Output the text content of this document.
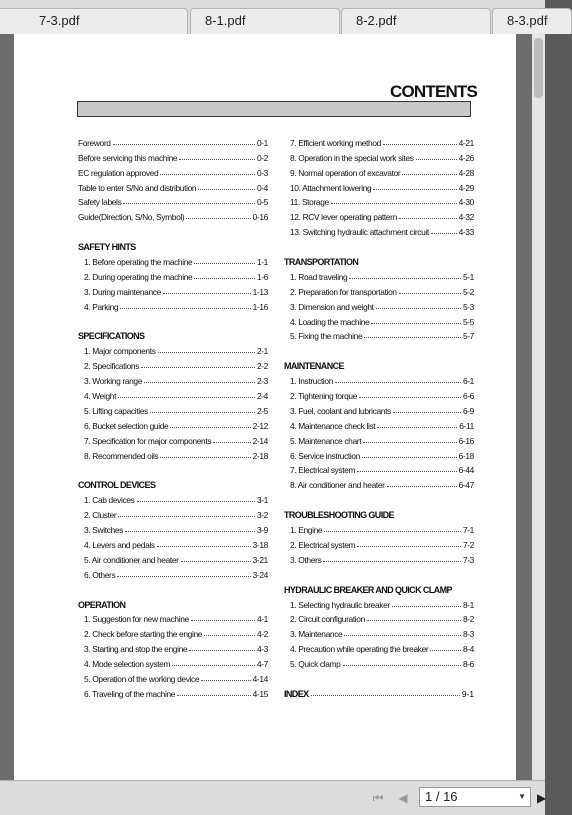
7-3.pdf	8-1.pdf	8-2.pdf	8-3.pdf
CONTENTS
Foreword	0-1
Before servicing this machine	0-2
EC regulation approved	0-3
Table to enter S/No and distribution	0-4
Safety labels	0-5
Guide(Direction, S/No, Symbol)	0-16
SAFETY HINTS
1. Before operating the machine	1-1
2. During operating the machine	1-6
3. During maintenance	1-13
4. Parking	1-16
SPECIFICATIONS
1. Major components	2-1
2. Specifications	2-2
3. Working range	2-3
4. Weight	2-4
5. Lifting capacities	2-5
6. Bucket selection guide	2-12
7. Specification for major components	2-14
8. Recommended oils	2-18
CONTROL DEVICES
1. Cab devices	3-1
2. Cluster	3-2
3. Switches	3-9
4. Levers and pedals	3-18
5. Air conditioner and heater	3-21
6. Others	3-24
OPERATION
1. Suggestion for new machine	4-1
2. Check before starting the engine	4-2
3. Starting and stop the engine	4-3
4. Mode selection system	4-7
5. Operation of the working device	4-14
6. Traveling of the machine	4-15
7. Efficient working method	4-21
8. Operation in the special work sites	4-26
9. Normal operation of excavator	4-28
10. Attachment lowering	4-29
11. Storage	4-30
12. RCV lever operating pattern	4-32
13. Switching hydraulic attachment circuit	4-33
TRANSPORTATION
1. Road traveling	5-1
2. Preparation for transportation	5-2
3. Dimension and weight	5-3
4. Loading the machine	5-5
5. Fixing the machine	5-7
MAINTENANCE
1. Instruction	6-1
2. Tightening torque	6-6
3. Fuel, coolant and lubricants	6-9
4. Maintenance check list	6-11
5. Maintenance chart	6-16
6. Service instruction	6-18
7. Electrical system	6-44
8. Air conditioner and heater	6-47
TROUBLESHOOTING GUIDE
1. Engine	7-1
2. Electrical system	7-2
3. Others	7-3
HYDRAULIC BREAKER AND QUICK CLAMP
1. Selecting hydraulic breaker	8-1
2. Circuit configuration	8-2
3. Maintenance	8-3
4. Precaution while operating the breaker	8-4
5. Quick clamp	8-6
INDEX	9-1
⏮ ◀	1 / 16	▼ ▶
